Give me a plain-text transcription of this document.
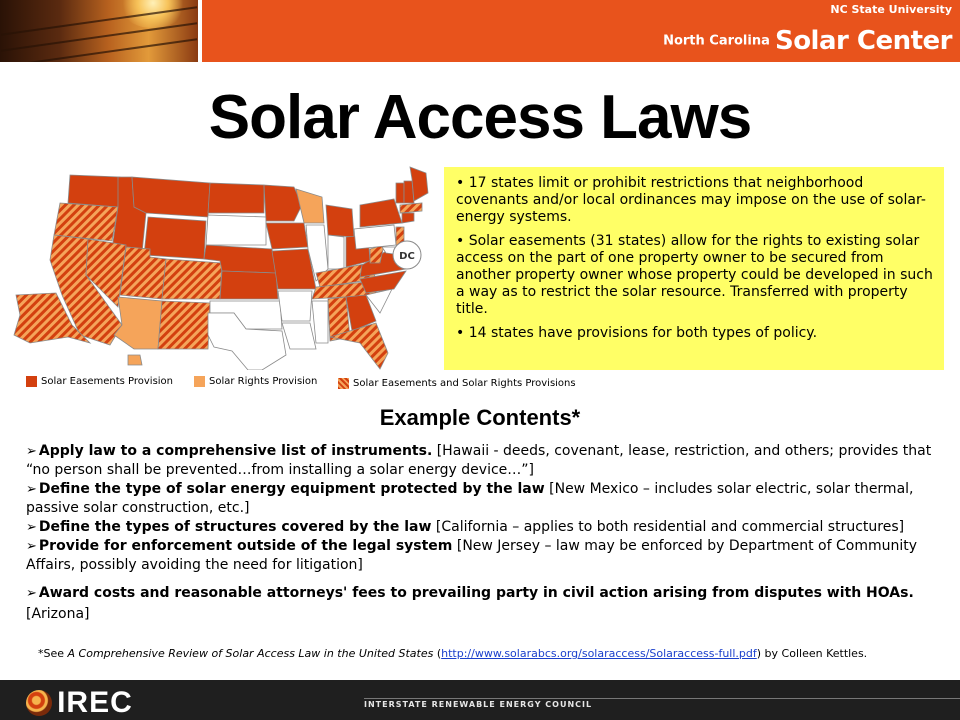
NC State University
North Carolina Solar Center
Solar Access Laws
DC
Solar Easements Provision	Solar Rights Provision	Solar Easements and Solar Rights Provisions
• 17 states limit or prohibit restrictions that neighborhood covenants and/or local ordinances may impose on the use of solar-energy systems.
• Solar easements (31 states) allow for the rights to existing solar access on the part of one property owner to be secured from another property owner whose property could be developed in such a way as to restrict the solar resource. Transferred with property title.
• 14 states have provisions for both types of policy.
Example Contents*
➢ Apply law to a comprehensive list of instruments. [Hawaii - deeds, covenant, lease, restriction, and others; provides that “no person shall be prevented…from installing a solar energy device…”]
➢ Define the type of solar energy equipment protected by the law [New Mexico – includes solar electric, solar thermal, passive solar construction, etc.]
➢ Define the types of structures covered by the law [California – applies to both residential and commercial structures]
➢ Provide for enforcement outside of the legal system [New Jersey – law may be enforced by Department of Community Affairs, possibly avoiding the need for litigation]
➢ Award costs and reasonable attorneys' fees to prevailing party in civil action arising from disputes with HOAs. [Arizona]
*See A Comprehensive Review of Solar Access Law in the United States (http://www.solarabcs.org/solaraccess/Solaraccess-full.pdf) by Colleen Kettles.
IREC	INTERSTATE RENEWABLE ENERGY COUNCIL
